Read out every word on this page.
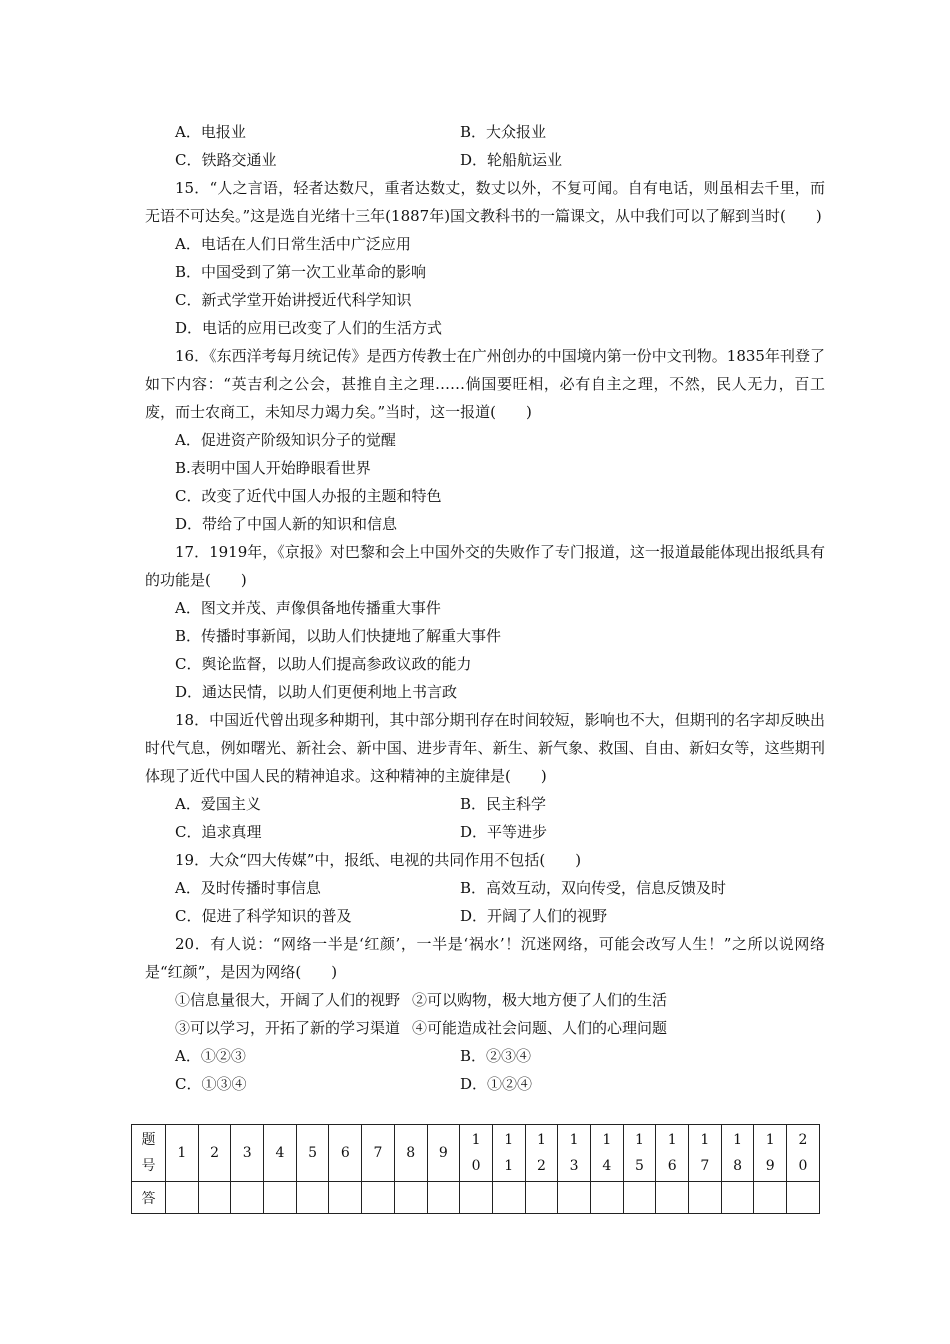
A．电报业	B．大众报业
C．铁路交通业	D．轮船航运业
15．“人之言语，轻者达数尺，重者达数丈，数丈以外，不复可闻。自有电话，则虽相去千里，而无语不可达矣。”这是选自光绪十三年(1887年)国文教科书的一篇课文，从中我们可以了解到当时(　　)
A．电话在人们日常生活中广泛应用
B．中国受到了第一次工业革命的影响
C．新式学堂开始讲授近代科学知识
D．电话的应用已改变了人们的生活方式
16．《东西洋考每月统记传》是西方传教士在广州创办的中国境内第一份中文刊物。1835年刊登了如下内容：“英吉利之公会，甚推自主之理……倘国要旺相，必有自主之理，不然，民人无力，百工废，而士农商工，未知尽力竭力矣。”当时，这一报道(　　)
A．促进资产阶级知识分子的觉醒
B.表明中国人开始睁眼看世界
C．改变了近代中国人办报的主题和特色
D．带给了中国人新的知识和信息
17．1919年，《京报》对巴黎和会上中国外交的失败作了专门报道，这一报道最能体现出报纸具有的功能是(　　)
A．图文并茂、声像俱备地传播重大事件
B．传播时事新闻，以助人们快捷地了解重大事件
C．舆论监督，以助人们提高参政议政的能力
D．通达民情，以助人们更便利地上书言政
18．中国近代曾出现多种期刊，其中部分期刊存在时间较短，影响也不大，但期刊的名字却反映出时代气息，例如曙光、新社会、新中国、进步青年、新生、新气象、救国、自由、新妇女等，这些期刊体现了近代中国人民的精神追求。这种精神的主旋律是(　　)
A．爱国主义	B．民主科学
C．追求真理	D．平等进步
19．大众“四大传媒”中，报纸、电视的共同作用不包括(　　)
A．及时传播时事信息	B．高效互动，双向传受，信息反馈及时
C．促进了科学知识的普及	D．开阔了人们的视野
20．有人说：“网络一半是‘红颜’，一半是‘祸水’！沉迷网络，可能会改写人生！”之所以说网络是“红颜”，是因为网络(　　)
①信息量很大，开阔了人们的视野 ②可以购物，极大地方便了人们的生活
③可以学习，开拓了新的学习渠道 ④可能造成社会问题、人们的心理问题
A．①②③	B．②③④
C．①③④	D．①②④
题号	1	2	3	4	5	6	7	8	9	10	11	12	13	14	15	16	17	18	19	20
答																				
